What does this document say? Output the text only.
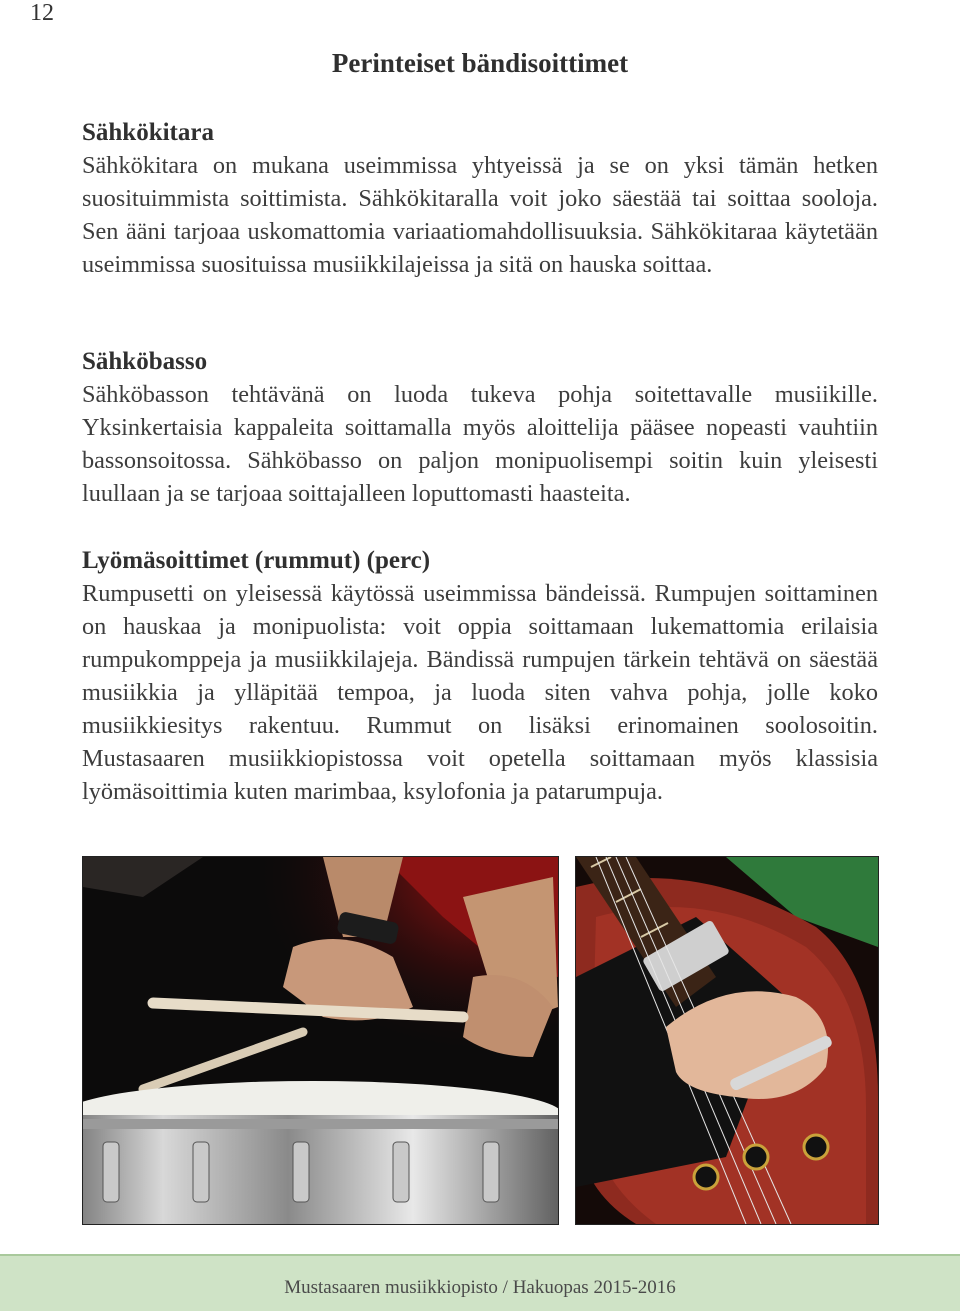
12
Perinteiset bändisoittimet
Sähkökitara

Sähkökitara on mukana useimmissa yhtyeissä ja se on yksi tämän hetken suosituimmista soittimista. Sähkökitaralla voit joko säestää tai soittaa sooloja. Sen ääni tarjoaa uskomattomia variaatiomahdollisuuksia. Sähkökitaraa käytetään useimmissa suosituissa musiikkilajeissa ja sitä on hauska soittaa.

Sähköbasso

Sähköbasson tehtävänä on luoda tukeva pohja soitettavalle musiikille. Yksinkertaisia kappaleita soittamalla myös aloittelija pääsee nopeasti vauhtiin bassonsoitossa. Sähköbasso on paljon monipuolisempi soitin kuin yleisesti luullaan ja se tarjoaa soittajalleen loputtomasti haasteita.

Lyömäsoittimet (rummut) (perc)

Rumpusetti on yleisessä käytössä useimmissa bändeissä. Rumpujen soittaminen on hauskaa ja monipuolista: voit oppia soittamaan lukemattomia erilaisia rumpukomppeja ja musiikkilajeja. Bändissä rumpujen tärkein tehtävä on säestää musiikkia ja ylläpitää tempoa, ja luoda siten vahva pohja, jolle koko musiikkiesitys rakentuu. Rummut on lisäksi erinomainen soolosoitin. Mustasaaren musiikkiopistossa voit opetella soittamaan myös klassisia lyömäsoittimia kuten marimbaa, ksylofonia ja patarumpuja.

Mustasaaren musiikkiopisto / Hakuopas 2015-2016
